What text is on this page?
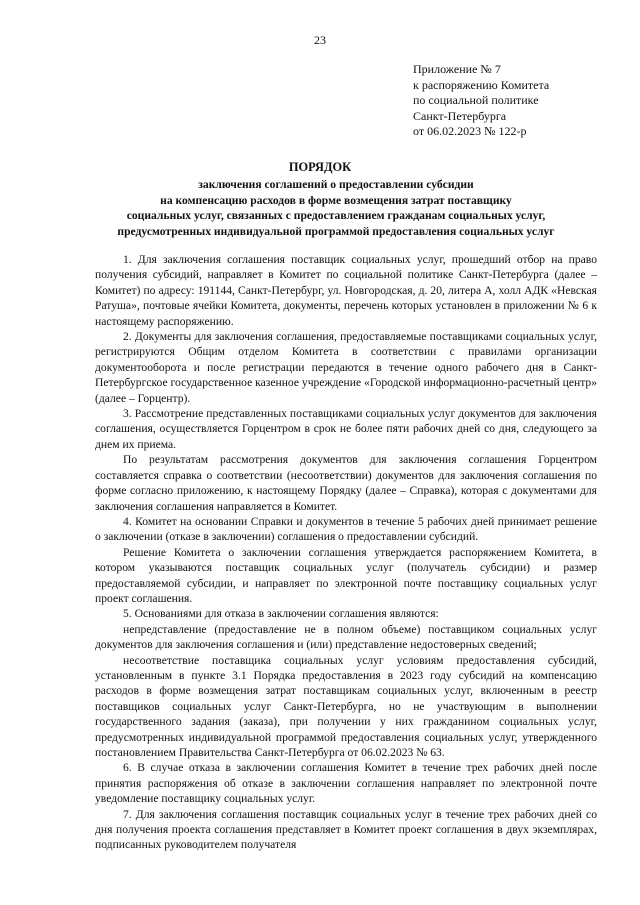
23
Приложение № 7
к распоряжению Комитета
по социальной политике
Санкт-Петербурга
от 06.02.2023 № 122-р
ПОРЯДОК
заключения соглашений о предоставлении субсидии
на компенсацию расходов в форме возмещения затрат поставщику
социальных услуг, связанных с предоставлением гражданам социальных услуг,
предусмотренных индивидуальной программой предоставления социальных услуг

1. Для заключения соглашения поставщик социальных услуг, прошедший отбор на право получения субсидий, направляет в Комитет по социальной политике Санкт-Петербурга (далее – Комитет) по адресу: 191144, Санкт-Петербург, ул. Новгородская, д. 20, литера А, холл АДК «Невская Ратуша», почтовые ячейки Комитета, документы, перечень которых установлен в приложении № 6 к настоящему распоряжению.

2. Документы для заключения соглашения, предоставляемые поставщиками социальных услуг, регистрируются Общим отделом Комитета в соответствии с правилами организации документооборота и после регистрации передаются в течение одного рабочего дня в Санкт-Петербургское государственное казенное учреждение «Городской информационно-расчетный центр» (далее – Горцентр).

3. Рассмотрение представленных поставщиками социальных услуг документов для заключения соглашения, осуществляется Горцентром в срок не более пяти рабочих дней со дня, следующего за днем их приема.

По результатам рассмотрения документов для заключения соглашения Горцентром составляется справка о соответствии (несоответствии) документов для заключения соглашения по форме согласно приложению, к настоящему Порядку (далее – Справка), которая с документами для заключения соглашения направляется в Комитет.

4. Комитет на основании Справки и документов в течение 5 рабочих дней принимает решение о заключении (отказе в заключении) соглашения о предоставлении субсидий.

Решение Комитета о заключении соглашения утверждается распоряжением Комитета, в котором указываются поставщик социальных услуг (получатель субсидии) и размер предоставляемой субсидии, и направляет по электронной почте поставщику социальных услуг проект соглашения.

5. Основаниями для отказа в заключении соглашения являются:

непредставление (предоставление не в полном объеме) поставщиком социальных услуг документов для заключения соглашения и (или) представление недостоверных сведений;

несоответствие поставщика социальных услуг условиям предоставления субсидий, установленным в пункте 3.1 Порядка предоставления в 2023 году субсидий на компенсацию расходов в форме возмещения затрат поставщикам социальных услуг, включенным в реестр поставщиков социальных услуг Санкт-Петербурга, но не участвующим в выполнении государственного задания (заказа), при получении у них гражданином социальных услуг, предусмотренных индивидуальной программой предоставления социальных услуг, утвержденного постановлением Правительства Санкт-Петербурга от 06.02.2023 № 63.

6. В случае отказа в заключении соглашения Комитет в течение трех рабочих дней после принятия распоряжения об отказе в заключении соглашения направляет по электронной почте уведомление поставщику социальных услуг.

7. Для заключения соглашения поставщик социальных услуг в течение трех рабочих дней со дня получения проекта соглашения представляет в Комитет проект соглашения в двух экземплярах, подписанных руководителем получателя
